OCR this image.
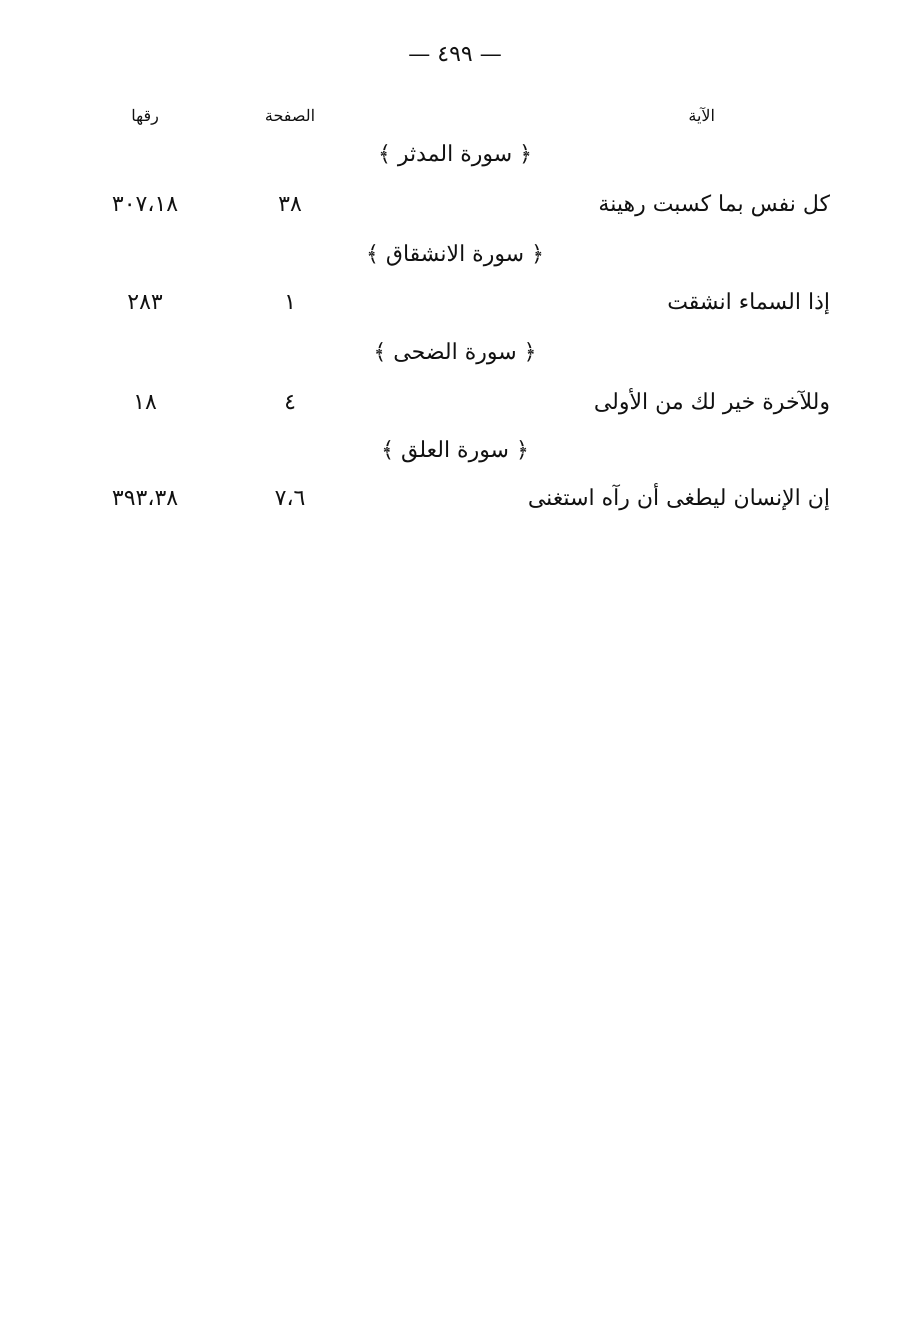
— ٤٩٩ —
الآية
الصفحة
رقها
﴿ سورة المدثر ﴾
كل نفس بما كسبت رهينة
٣٨
٣٠٧،١٨
﴿ سورة الانشقاق ﴾
إذا السماء انشقت
١
٢٨٣
﴿ سورة الضحى ﴾
وللآخرة خير لك من الأولى
٤
١٨
﴿ سورة العلق ﴾
إن الإنسان ليطغى أن رآه استغنى
٧،٦
٣٩٣،٣٨
